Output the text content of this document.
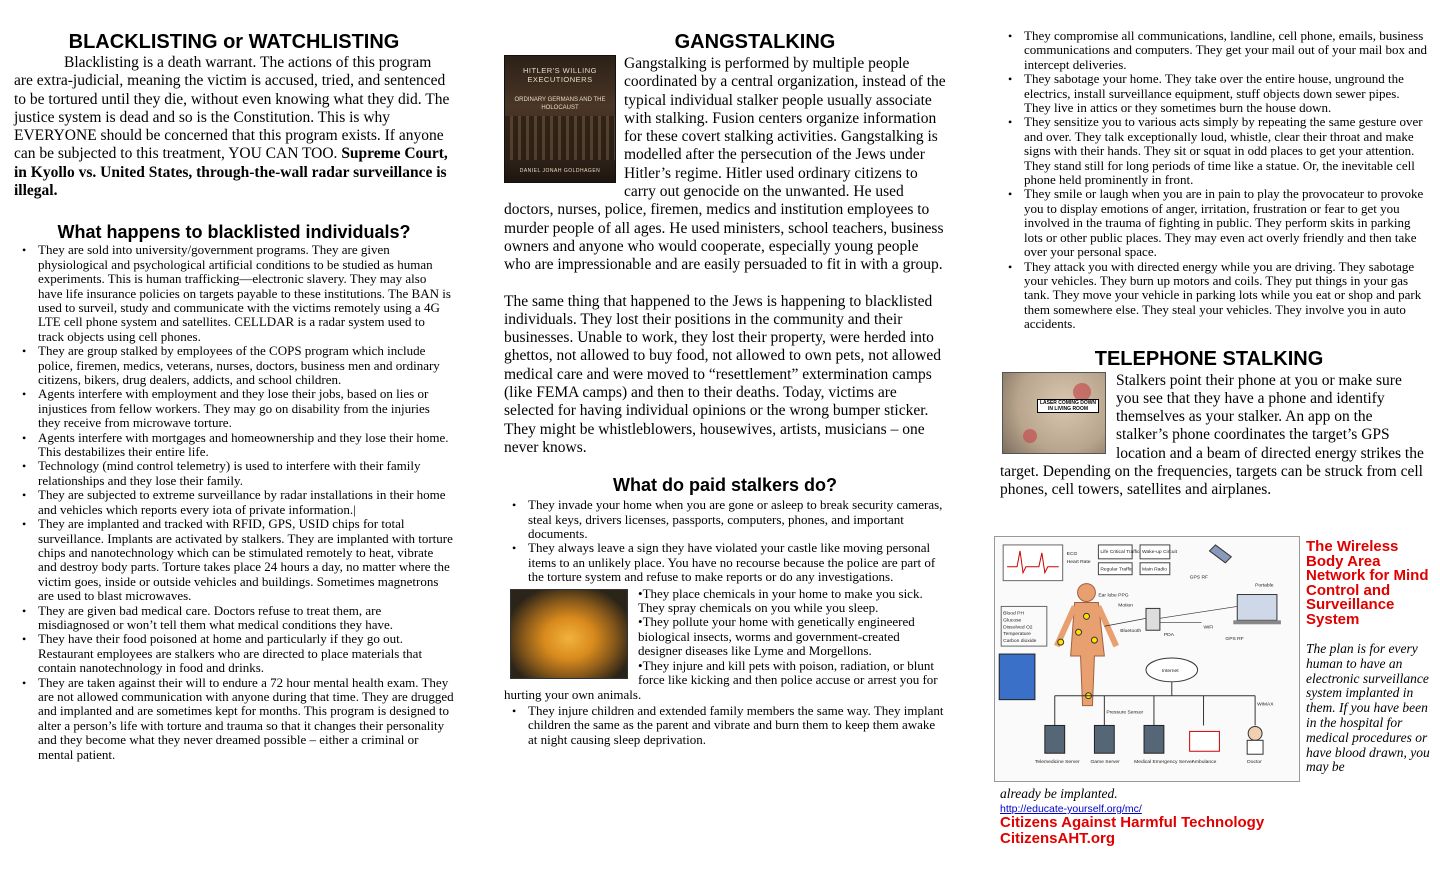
BLACKLISTING or WATCHLISTING

Blacklisting is a death warrant. The actions of this program are extra-judicial, meaning the victim is accused, tried, and sentenced to be tortured until they die, without even knowing what they did. The justice system is dead and so is the Constitution. This is why EVERYONE should be concerned that this program exists. If anyone can be subjected to this treatment, YOU CAN TOO. Supreme Court, in Kyollo vs. United States, through-the-wall radar surveillance is illegal.

What happens to blacklisted individuals?
• They are sold into university/government programs. They are given physiological and psychological artificial conditions to be studied as human experiments. This is human trafficking—electronic slavery. They may also have life insurance policies on targets payable to these institutions. The BAN is used to surveil, study and communicate with the victims remotely using a 4G LTE cell phone system and satellites. CELLDAR is a radar system used to track objects using cell phones.
• They are group stalked by employees of the COPS program which include police, firemen, medics, veterans, nurses, doctors, business men and ordinary citizens, bikers, drug dealers, addicts, and school children.
• Agents interfere with employment and they lose their jobs, based on lies or injustices from fellow workers. They may go on disability from the injuries they receive from microwave torture.
• Agents interfere with mortgages and homeownership and they lose their home. This destabilizes their entire life.
• Technology (mind control telemetry) is used to interfere with their family relationships and they lose their family.
• They are subjected to extreme surveillance by radar installations in their home and vehicles which reports every iota of private information.|
• They are implanted and tracked with RFID, GPS, USID chips for total surveillance. Implants are activated by stalkers. They are implanted with torture chips and nanotechnology which can be stimulated remotely to heat, vibrate and destroy body parts. Torture takes place 24 hours a day, no matter where the victim goes, inside or outside vehicles and buildings. Sometimes magnetrons are used to blast microwaves.
• They are given bad medical care. Doctors refuse to treat them, are misdiagnosed or won’t tell them what medical conditions they have.
• They have their food poisoned at home and particularly if they go out. Restaurant employees are stalkers who are directed to place materials that contain nanotechnology in food and drinks.
• They are taken against their will to endure a 72 hour mental health exam. They are not allowed communication with anyone during that time. They are drugged and implanted and are sometimes kept for months. This program is designed to alter a person’s life with torture and trauma so that it changes their personality and they become what they never dreamed possible – either a criminal or mental patient.
GANGSTALKING
HITLER'S WILLING EXECUTIONERS
ORDINARY GERMANS AND THE HOLOCAUST
DANIEL JONAH GOLDHAGEN

Gangstalking is performed by multiple people coordinated by a central organization, instead of the typical individual stalker people usually associate with stalking. Fusion centers organize information for these covert stalking activities. Gangstalking is modelled after the persecution of the Jews under Hitler’s regime. Hitler used ordinary citizens to carry out genocide on the unwanted. He used doctors, nurses, police, firemen, medics and institution employees to murder people of all ages. He used ministers, school teachers, business owners and anyone who would cooperate, especially young people who are impressionable and are easily persuaded to fit in with a group.

The same thing that happened to the Jews is happening to blacklisted individuals. They lost their positions in the community and their businesses. Unable to work, they lost their property, were herded into ghettos, not allowed to buy food, not allowed to own pets, not allowed medical care and were moved to “resettlement” extermination camps (like FEMA camps) and then to their deaths. Today, victims are selected for having individual opinions or the wrong bumper sticker. They might be whistleblowers, housewives, artists, musicians – one never knows.

What do paid stalkers do?
• They invade your home when you are gone or asleep to break security cameras, steal keys, drivers licenses, passports, computers, phones, and important documents.
• They always leave a sign they have violated your castle like moving personal items to an unlikely place. You have no recourse because the police are part of the torture system and refuse to make reports or do any investigations.
•They place chemicals in your home to make you sick. They spray chemicals on you while you sleep.
•They pollute your home with genetically engineered biological insects, worms and government-created designer diseases like Lyme and Morgellons.
•They injure and kill pets with poison, radiation, or blunt force like kicking and then police accuse or arrest you for hurting your own animals.
• They injure children and extended family members the same way. They implant children the same as the parent and vibrate and burn them to keep them awake at night causing sleep deprivation.
• They compromise all communications, landline, cell phone, emails, business communications and computers. They get your mail out of your mail box and intercept deliveries.
• They sabotage your home. They take over the entire house, unground the electrics, install surveillance equipment, stuff objects down sewer pipes. They live in attics or they sometimes burn the house down.
• They sensitize you to various acts simply by repeating the same gesture over and over. They talk exceptionally loud, whistle, clear their throat and make signs with their hands. They sit or squat in odd places to get your attention. They stand still for long periods of time like a statue. Or, the inevitable cell phone held prominently in front.
• They smile or laugh when you are in pain to play the provocateur to provoke you to display emotions of anger, irritation, frustration or fear to get you involved in the trauma of fighting in public. They perform skits in parking lots or other public places. They may even act overly friendly and then take over your personal space.
• They attack you with directed energy while you are driving. They sabotage your vehicles. They burn up motors and coils. They put things in your gas tank. They move your vehicle in parking lots while you eat or shop and park them somewhere else. They steal your vehicles. They involve you in auto accidents.
TELEPHONE STALKING
LASER COMING DOWN IN LIVING ROOM

Stalkers point their phone at you or make sure you see that they have a phone and identify themselves as your stalker. An app on the stalker’s phone coordinates the target’s GPS location and a beam of directed energy strikes the target. Depending on the frequencies, targets can be struck from cell phones, cell towers, satellites and airplanes.

ECG
Heart Rate
Life Critical Traffic Wake-up Circuit
Regular Traffic Main Radio
GPS RF
Portable
Blood PH
Glucose
Dissolved O2
Temperature
Carbon dioxide
Ear lobe PPG
Motion
PDA
WiFi
GPS RF
Bluetooth
Pressure Sensor
Internet
WiMAX
Telemedicine Server Game Server	Medical Emergency Server
Ambulance	Doctor
The Wireless Body Area Network for Mind Control and Surveillance System
The plan is for every human to have an electronic surveillance system implanted in them. If you have been in the hospital for medical procedures or have blood drawn, you may be
already be implanted.
http://educate-yourself.org/mc/
Citizens Against Harmful Technology
CitizensAHT.org
